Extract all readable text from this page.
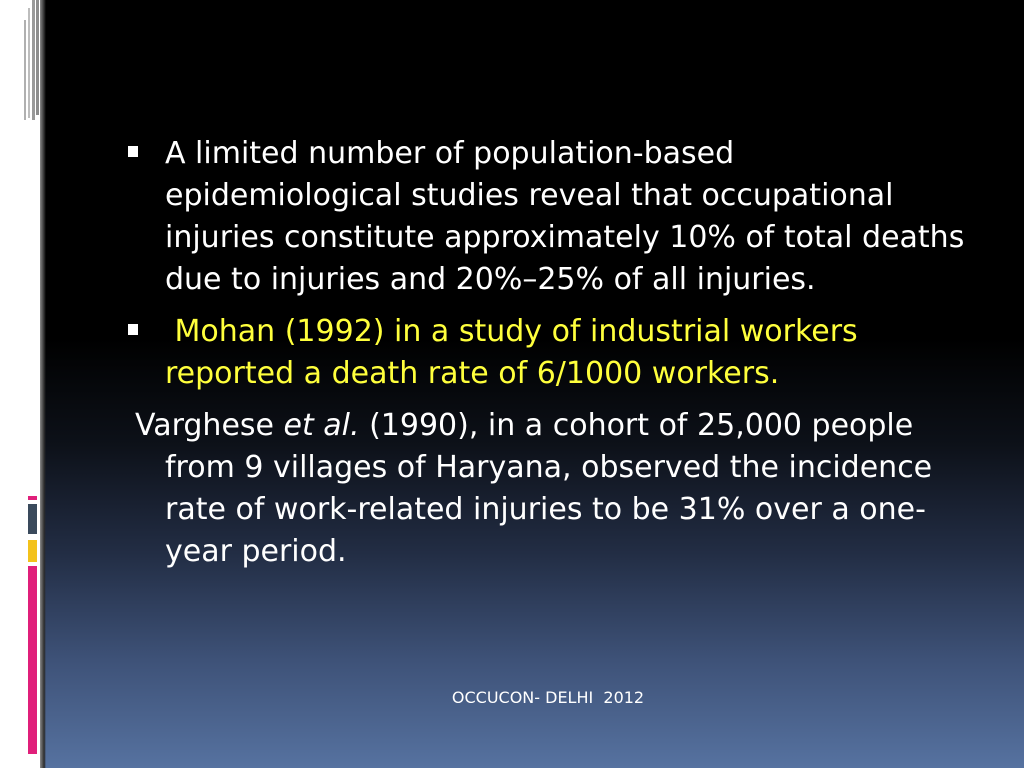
A limited number of population-based epidemiological studies reveal that occupational injuries constitute approximately 10% of total deaths due to injuries and 20%–25% of all injuries.
Mohan (1992) in a study of industrial workers reported a death rate of 6/1000 workers.
Varghese et al. (1990), in a cohort of 25,000 people from 9 villages of Haryana, observed the incidence rate of work-related injuries to be 31% over a one-year period.
OCCUCON- DELHI  2012
